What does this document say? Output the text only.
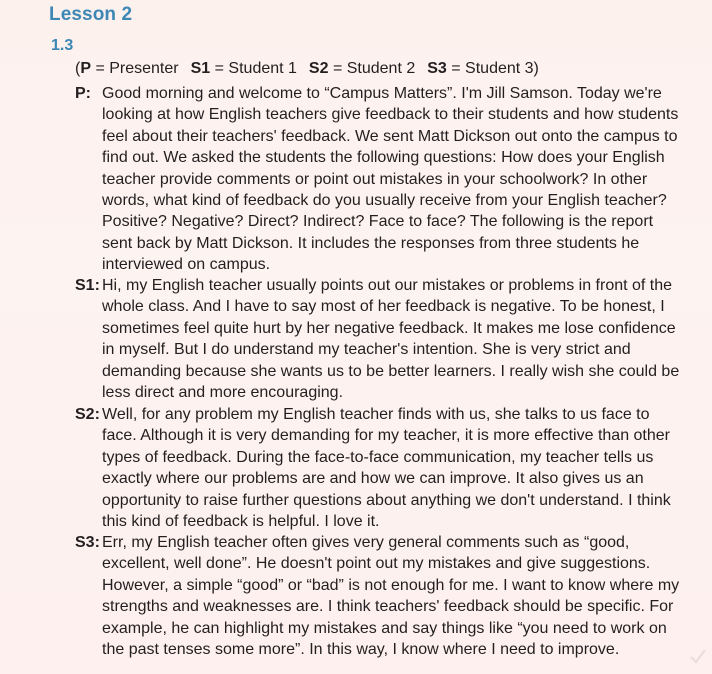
Lesson 2
1.3
(P = Presenter S1 = Student 1 S2 = Student 2 S3 = Student 3)
P: Good morning and welcome to “Campus Matters”. I'm Jill Samson. Today we're looking at how English teachers give feedback to their students and how students feel about their teachers' feedback. We sent Matt Dickson out onto the campus to find out. We asked the students the following questions: How does your English teacher provide comments or point out mistakes in your schoolwork? In other words, what kind of feedback do you usually receive from your English teacher? Positive? Negative? Direct? Indirect? Face to face? The following is the report sent back by Matt Dickson. It includes the responses from three students he interviewed on campus.
S1: Hi, my English teacher usually points out our mistakes or problems in front of the whole class. And I have to say most of her feedback is negative. To be honest, I sometimes feel quite hurt by her negative feedback. It makes me lose confidence in myself. But I do understand my teacher's intention. She is very strict and demanding because she wants us to be better learners. I really wish she could be less direct and more encouraging.
S2: Well, for any problem my English teacher finds with us, she talks to us face to face. Although it is very demanding for my teacher, it is more effective than other types of feedback. During the face-to-face communication, my teacher tells us exactly where our problems are and how we can improve. It also gives us an opportunity to raise further questions about anything we don't understand. I think this kind of feedback is helpful. I love it.
S3: Err, my English teacher often gives very general comments such as “good, excellent, well done”. He doesn't point out my mistakes and give suggestions. However, a simple “good” or “bad” is not enough for me. I want to know where my strengths and weaknesses are. I think teachers' feedback should be specific. For example, he can highlight my mistakes and say things like “you need to work on the past tenses some more”. In this way, I know where I need to improve.
